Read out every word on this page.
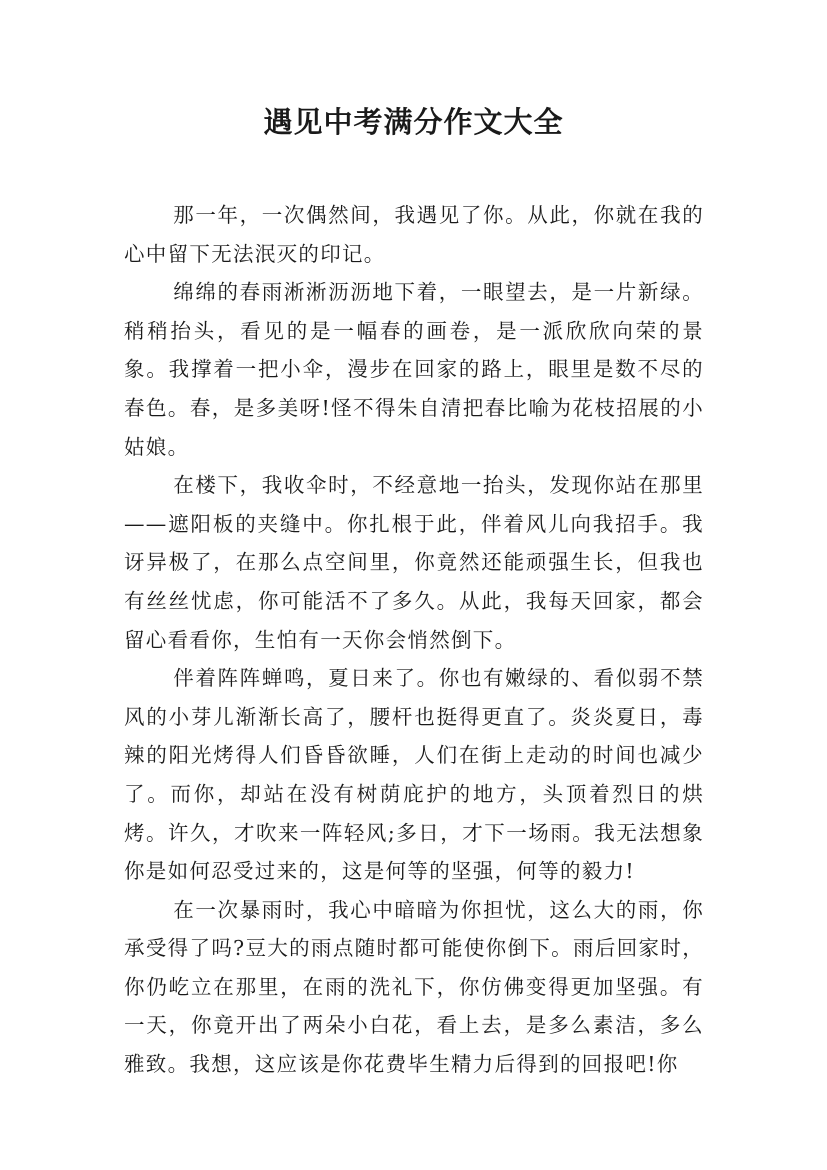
遇见中考满分作文大全

那一年，一次偶然间，我遇见了你。从此，你就在我的心中留下无法泯灭的印记。

绵绵的春雨淅淅沥沥地下着，一眼望去，是一片新绿。稍稍抬头，看见的是一幅春的画卷，是一派欣欣向荣的景象。我撑着一把小伞，漫步在回家的路上，眼里是数不尽的春色。春，是多美呀!怪不得朱自清把春比喻为花枝招展的小姑娘。

在楼下，我收伞时，不经意地一抬头，发现你站在那里——遮阳板的夹缝中。你扎根于此，伴着风儿向我招手。我讶异极了，在那么点空间里，你竟然还能顽强生长，但我也有丝丝忧虑，你可能活不了多久。从此，我每天回家，都会留心看看你，生怕有一天你会悄然倒下。

伴着阵阵蝉鸣，夏日来了。你也有嫩绿的、看似弱不禁风的小芽儿渐渐长高了，腰杆也挺得更直了。炎炎夏日，毒辣的阳光烤得人们昏昏欲睡，人们在街上走动的时间也减少了。而你，却站在没有树荫庇护的地方，头顶着烈日的烘烤。许久，才吹来一阵轻风;多日，才下一场雨。我无法想象你是如何忍受过来的，这是何等的坚强，何等的毅力!

在一次暴雨时，我心中暗暗为你担忧，这么大的雨，你承受得了吗?豆大的雨点随时都可能使你倒下。雨后回家时，你仍屹立在那里，在雨的洗礼下，你仿佛变得更加坚强。有一天，你竟开出了两朵小白花，看上去，是多么素洁，多么雅致。我想，这应该是你花费毕生精力后得到的回报吧!你
